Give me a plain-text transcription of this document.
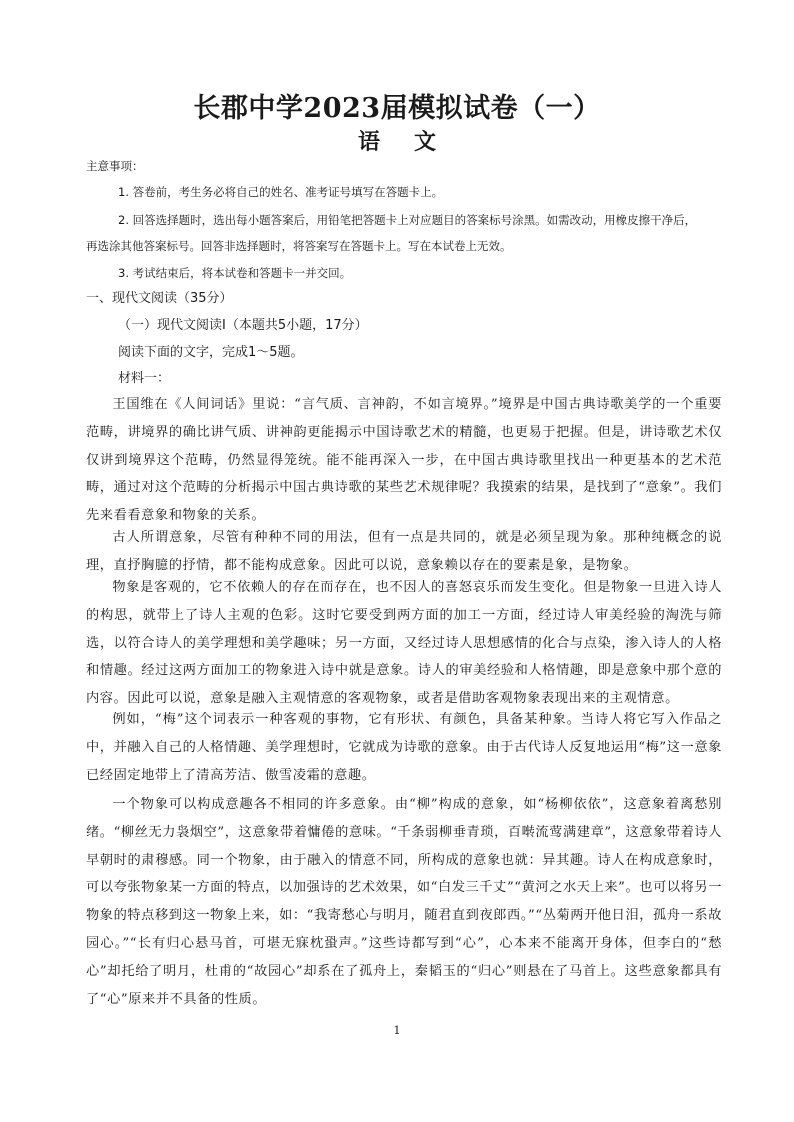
长郡中学2023届模拟试卷（一）
语 文

主意事项：

1. 答卷前，考生务必将自己的姓名、准考证号填写在答题卡上。

2. 回答选择题时，选出每小题答案后，用铅笔把答题卡上对应题目的答案标号涂黑。如需改动，用橡皮擦干净后，

再选涂其他答案标号。回答非选择题时，将答案写在答题卡上。写在本试卷上无效。

3. 考试结束后，将本试卷和答题卡一并交回。

一、现代文阅读（35分）

（一）现代文阅读Ⅰ（本题共5小题，17分）

阅读下面的文字，完成1～5题。

材料一：

王国维在《人间词话》里说：“言气质、言神韵，不如言境界。”境界是中国古典诗歌美学的一个重要范畴，讲境界的确比讲气质、讲神韵更能揭示中国诗歌艺术的精髓，也更易于把握。但是，讲诗歌艺术仅仅讲到境界这个范畴，仍然显得笼统。能不能再深入一步，在中国古典诗歌里找出一种更基本的艺术范畴，通过对这个范畴的分析揭示中国古典诗歌的某些艺术规律呢？我摸索的结果，是找到了“意象”。我们先来看看意象和物象的关系。

古人所谓意象，尽管有种种不同的用法，但有一点是共同的，就是必须呈现为象。那种纯概念的说理，直抒胸臆的抒情，都不能构成意象。因此可以说，意象赖以存在的要素是象，是物象。

物象是客观的，它不依赖人的存在而存在，也不因人的喜怒哀乐而发生变化。但是物象一旦进入诗人的构思，就带上了诗人主观的色彩。这时它要受到两方面的加工一方面，经过诗人审美经验的淘洗与筛选，以符合诗人的美学理想和美学趣味；另一方面，又经过诗人思想感情的化合与点染，渗入诗人的人格和情趣。经过这两方面加工的物象进入诗中就是意象。诗人的审美经验和人格情趣，即是意象中那个意的内容。因此可以说，意象是融入主观情意的客观物象，或者是借助客观物象表现出来的主观情意。

例如，“梅”这个词表示一种客观的事物，它有形状、有颜色，具备某种象。当诗人将它写入作品之中，并融入自己的人格情趣、美学理想时，它就成为诗歌的意象。由于古代诗人反复地运用“梅”这一意象已经固定地带上了清高芳洁、傲雪凌霜的意趣。

一个物象可以构成意趣各不相同的许多意象。由“柳”构成的意象，如“杨柳依依”，这意象着离愁别绪。“柳丝无力袅烟空”，这意象带着慵倦的意味。“千条弱柳垂青琐，百啭流莺满建章”，这意象带着诗人早朝时的肃穆感。同一个物象，由于融入的情意不同，所构成的意象也就：异其趣。诗人在构成意象时，可以夸张物象某一方面的特点，以加强诗的艺术效果，如“白发三千丈”“黄河之水天上来”。也可以将另一物象的特点移到这一物象上来，如：“我寄愁心与明月，随君直到夜郎西。”“丛菊两开他日泪，孤舟一系故园心。”“长有归心悬马首，可堪无寐枕蛩声。”这些诗都写到“心”，心本来不能离开身体，但李白的“愁心”却托给了明月，杜甫的“故园心”却系在了孤舟上，秦韬玉的“归心”则悬在了马首上。这些意象都具有了“心”原来并不具备的性质。

1
